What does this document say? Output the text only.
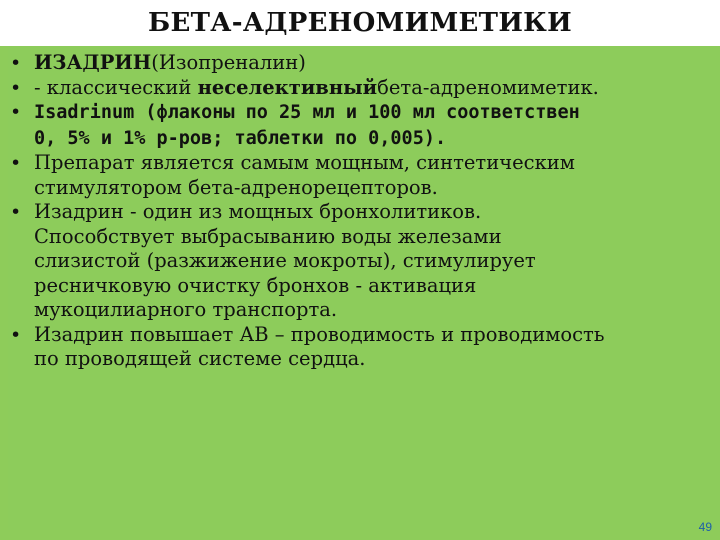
БЕТА-АДРЕНОМИМЕТИКИ
• ИЗАДРИН(Изопреналин)
• - классический неселективныйбета-адреномиметик.
• Isadrinum (флаконы по 25 мл и 100 мл соответствен
0, 5% и 1% р-ров; таблетки по 0,005).
• Препарат является самым мощным, синтетическим
стимулятором бета-адренорецепторов.
• Изадрин - один из мощных бронхолитиков.
Способствует выбрасыванию воды железами
слизистой (разжижение мокроты), стимулирует
ресничковую очистку бронхов - активация
мукоцилиарного транспорта.
• Изадрин повышает АВ – проводимость и проводимость
по проводящей системе сердца.
49
